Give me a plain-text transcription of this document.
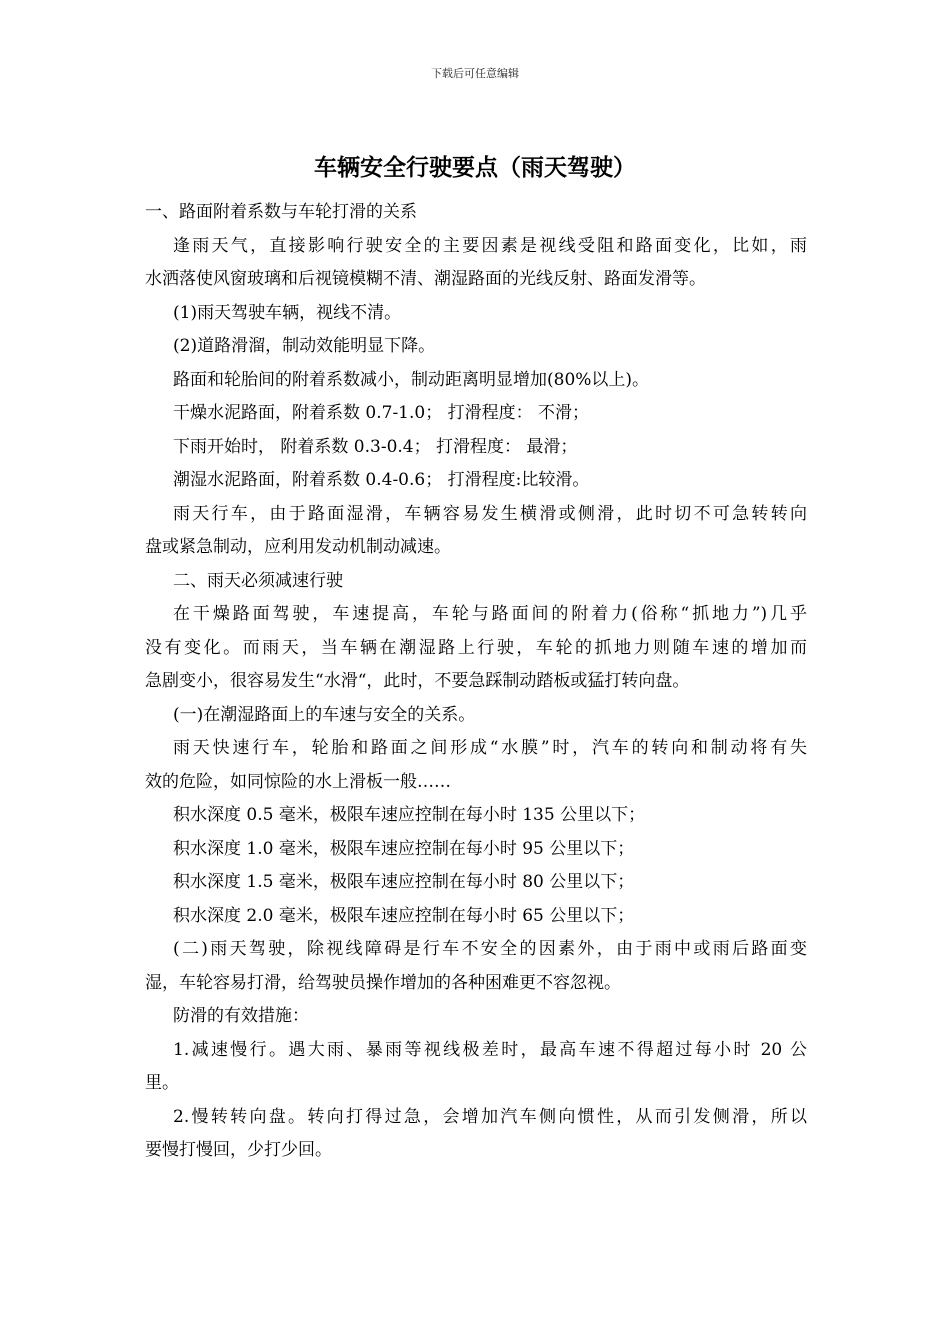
下载后可任意编辑
车辆安全行驶要点（雨天驾驶）
一、路面附着系数与车轮打滑的关系
逢雨天气，直接影响行驶安全的主要因素是视线受阻和路面变化，比如，雨
水洒落使风窗玻璃和后视镜模糊不清、潮湿路面的光线反射、路面发滑等。
(1)雨天驾驶车辆，视线不清。
(2)道路滑溜，制动效能明显下降。
路面和轮胎间的附着系数减小，制动距离明显增加(80%以上)。
干燥水泥路面，附着系数 0.7-1.0； 打滑程度： 不滑；
下雨开始时， 附着系数 0.3-0.4； 打滑程度： 最滑；
潮湿水泥路面，附着系数 0.4-0.6； 打滑程度:比较滑。
雨天行车，由于路面湿滑，车辆容易发生横滑或侧滑，此时切不可急转转向
盘或紧急制动，应利用发动机制动减速。
二、雨天必须减速行驶
在干燥路面驾驶，车速提高，车轮与路面间的附着力(俗称“抓地力”)几乎
没有变化。而雨天，当车辆在潮湿路上行驶，车轮的抓地力则随车速的增加而
急剧变小，很容易发生“水滑“，此时，不要急踩制动踏板或猛打转向盘。
(一)在潮湿路面上的车速与安全的关系。
雨天快速行车，轮胎和路面之间形成“水膜”时，汽车的转向和制动将有失
效的危险，如同惊险的水上滑板一般……
积水深度 0.5 毫米，极限车速应控制在每小时 135 公里以下；
积水深度 1.0 毫米，极限车速应控制在每小时 95 公里以下；
积水深度 1.5 毫米，极限车速应控制在每小时 80 公里以下；
积水深度 2.0 毫米，极限车速应控制在每小时 65 公里以下；
(二)雨天驾驶，除视线障碍是行车不安全的因素外，由于雨中或雨后路面变
湿，车轮容易打滑，给驾驶员操作增加的各种困难更不容忽视。
防滑的有效措施：
1.减速慢行。遇大雨、暴雨等视线极差时，最高车速不得超过每小时 20 公
里。
2.慢转转向盘。转向打得过急，会增加汽车侧向惯性，从而引发侧滑，所以
要慢打慢回，少打少回。
